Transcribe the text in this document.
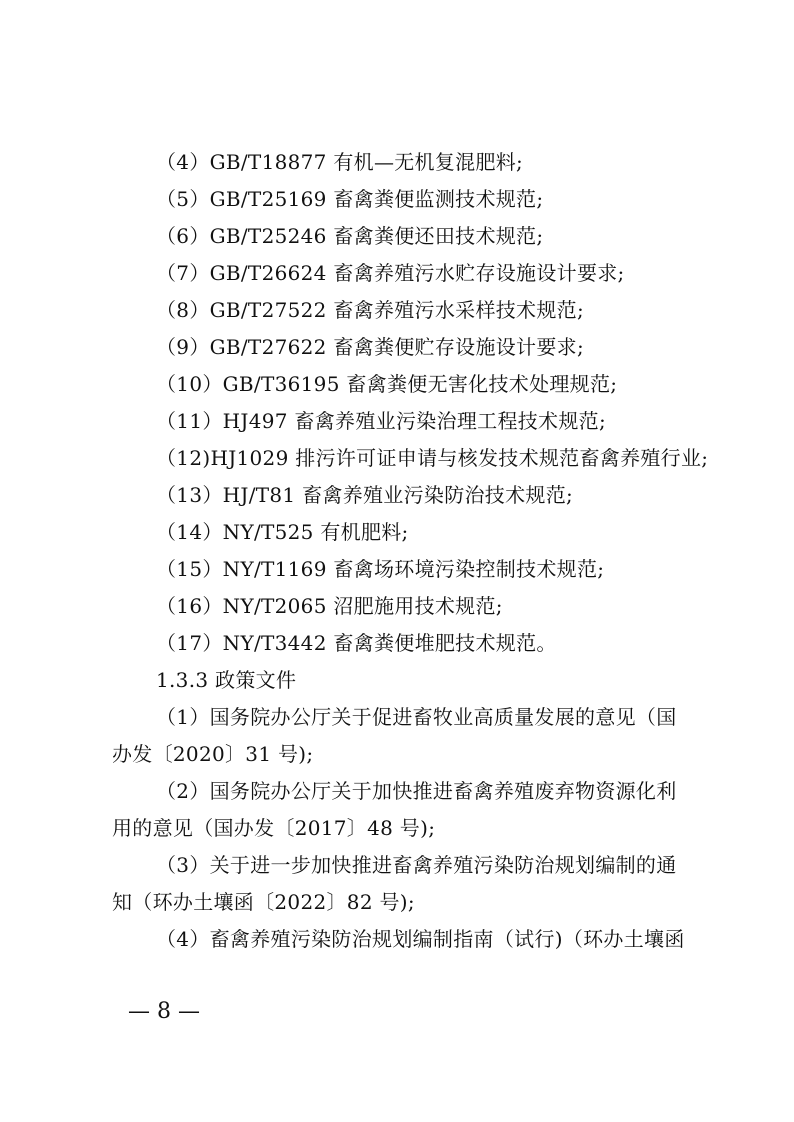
（4）GB/T18877 有机—无机复混肥料;
（5）GB/T25169 畜禽粪便监测技术规范;
（6）GB/T25246 畜禽粪便还田技术规范;
（7）GB/T26624 畜禽养殖污水贮存设施设计要求;
（8）GB/T27522 畜禽养殖污水采样技术规范;
（9）GB/T27622 畜禽粪便贮存设施设计要求;
（10）GB/T36195 畜禽粪便无害化技术处理规范;
（11）HJ497 畜禽养殖业污染治理工程技术规范;
（12)HJ1029 排污许可证申请与核发技术规范畜禽养殖行业;
（13）HJ/T81 畜禽养殖业污染防治技术规范;
（14）NY/T525 有机肥料;
（15）NY/T1169 畜禽场环境污染控制技术规范;
（16）NY/T2065 沼肥施用技术规范;
（17）NY/T3442 畜禽粪便堆肥技术规范。
1.3.3 政策文件
（1）国务院办公厅关于促进畜牧业高质量发展的意见（国
办发〔2020〕31 号);
（2）国务院办公厅关于加快推进畜禽养殖废弃物资源化利
用的意见（国办发〔2017〕48 号);
（3）关于进一步加快推进畜禽养殖污染防治规划编制的通
知（环办土壤函〔2022〕82 号);
（4）畜禽养殖污染防治规划编制指南（试行)（环办土壤函
— 8 —
